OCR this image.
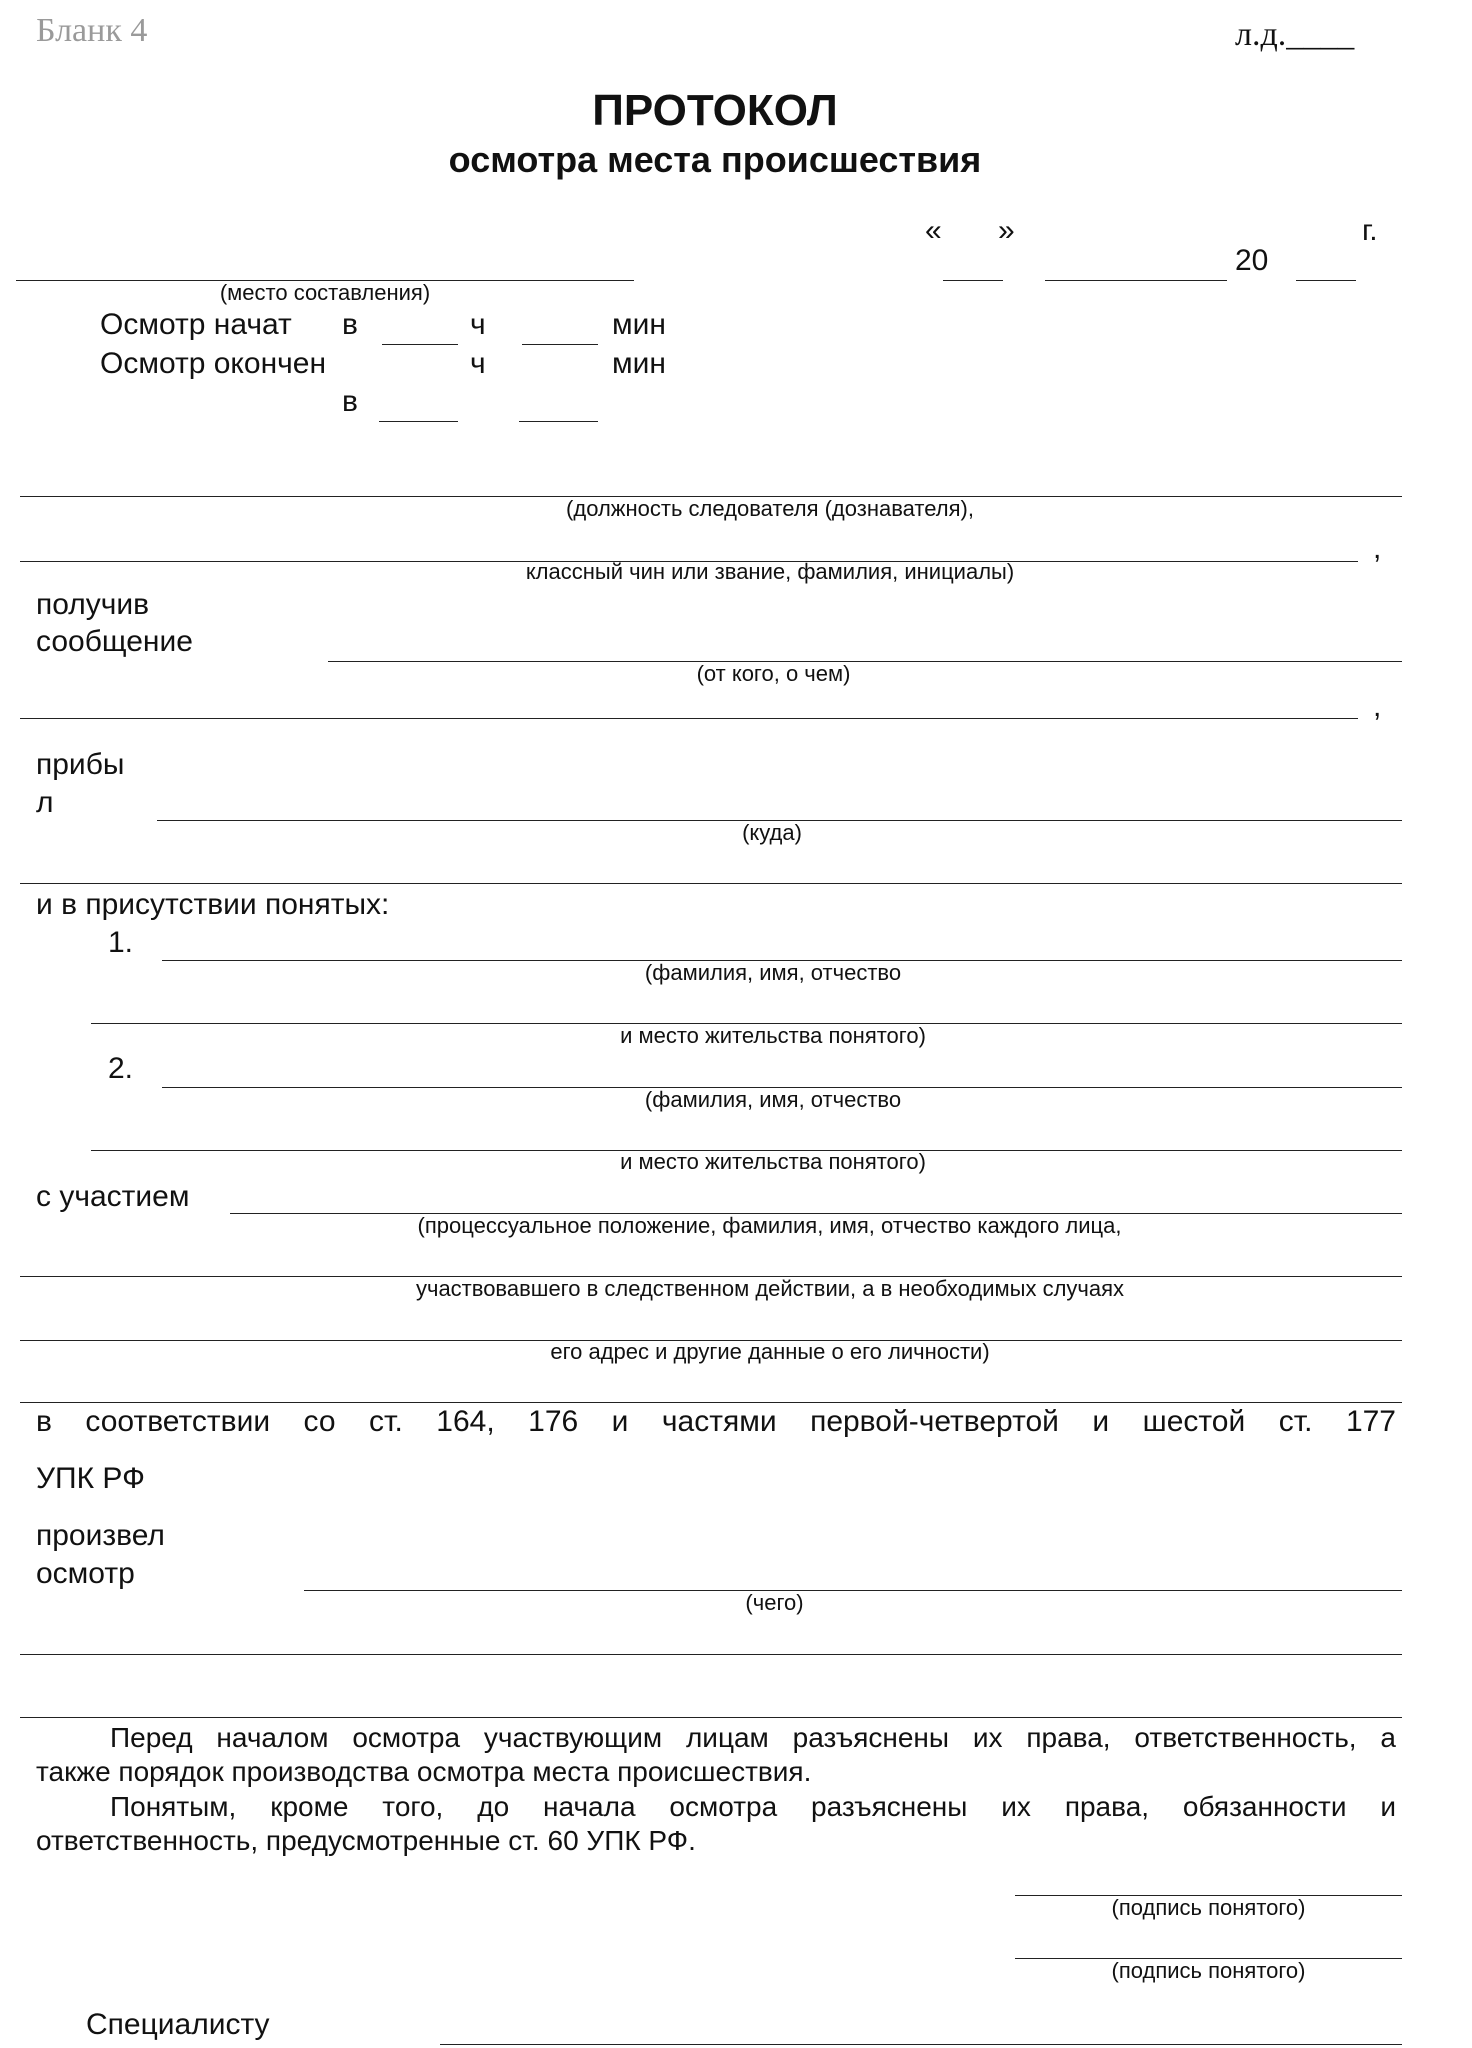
Бланк 4	л.д.____
ПРОТОКОЛ
осмотра места происшествия
« »	г.
20
(место составления)
Осмотр начат в	ч	мин
Осмотр окончен	ч	мин
в
(должность следователя (дознавателя),
,
классный чин или звание, фамилия, инициалы)
получив
сообщение
(от кого, о чем)
,
прибы
л
(куда)
и в присутствии понятых:
1.
(фамилия, имя, отчество
и место жительства понятого)
2.
(фамилия, имя, отчество
и место жительства понятого)
с участием
(процессуальное положение, фамилия, имя, отчество каждого лица,
участвовавшего в следственном действии, а в необходимых случаях
его адрес и другие данные о его личности)
в соответствии со ст. 164, 176 и частями первой-четвертой и шестой ст. 177
УПК РФ
произвел
осмотр
(чего)
Перед началом осмотра участвующим лицам разъяснены их права, ответственность, а
также порядок производства осмотра места происшествия.
Понятым, кроме того, до начала осмотра разъяснены их права, обязанности и
ответственность, предусмотренные ст. 60 УПК РФ.
(подпись понятого)
(подпись понятого)
Специалисту
